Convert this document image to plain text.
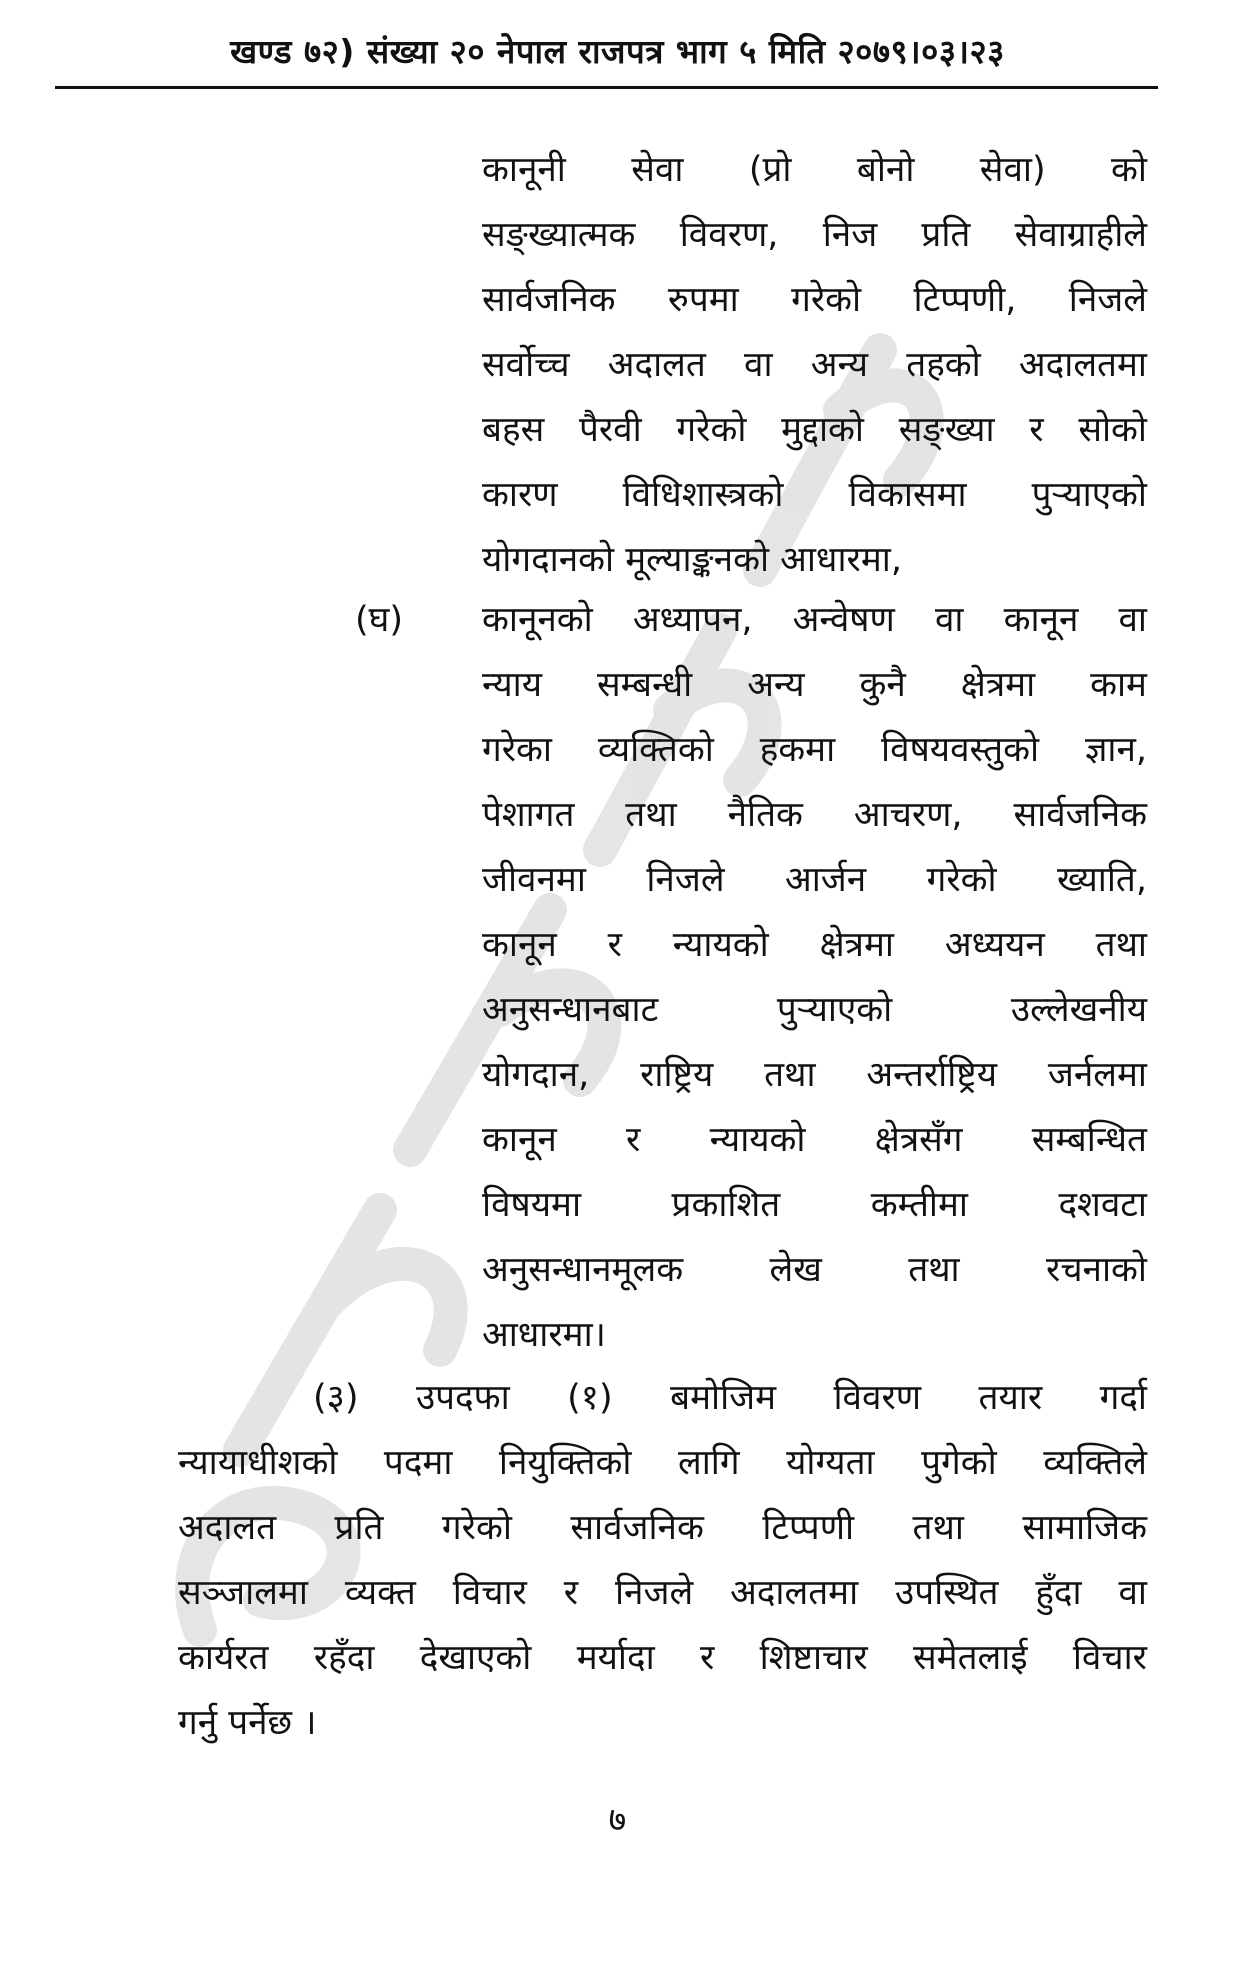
खण्ड ७२) संख्या २० नेपाल राजपत्र भाग ५ मिति २०७९।०३।२३
कानूनी सेवा (प्रो बोनो सेवा) को
सङ्ख्यात्मक विवरण, निज प्रति सेवाग्राहीले
सार्वजनिक रुपमा गरेको टिप्पणी, निजले
सर्वोच्च अदालत वा अन्य तहको अदालतमा
बहस पैरवी गरेको मुद्दाको सङ्ख्या र सोको
कारण विधिशास्त्रको विकासमा पुऱ्याएको
योगदानको मूल्याङ्कनको आधारमा,
(घ) कानूनको अध्यापन, अन्वेषण वा कानून वा
न्याय सम्बन्धी अन्य कुनै क्षेत्रमा काम
गरेका व्यक्तिको हकमा विषयवस्तुको ज्ञान,
पेशागत तथा नैतिक आचरण, सार्वजनिक
जीवनमा निजले आर्जन गरेको ख्याति,
कानून र न्यायको क्षेत्रमा अध्ययन तथा
अनुसन्धानबाट पुऱ्याएको उल्लेखनीय
योगदान, राष्ट्रिय तथा अन्तर्राष्ट्रिय जर्नलमा
कानून र न्यायको क्षेत्रसँग सम्बन्धित
विषयमा प्रकाशित कम्तीमा दशवटा
अनुसन्धानमूलक लेख तथा रचनाको
आधारमा।
(३) उपदफा (१) बमोजिम विवरण तयार गर्दा
न्यायाधीशको पदमा नियुक्तिको लागि योग्यता पुगेको व्यक्तिले
अदालत प्रति गरेको सार्वजनिक टिप्पणी तथा सामाजिक
सञ्जालमा व्यक्त विचार र निजले अदालतमा उपस्थित हुँदा वा
कार्यरत रहँदा देखाएको मर्यादा र शिष्टाचार समेतलाई विचार
गर्नु पर्नेछ ।
७
